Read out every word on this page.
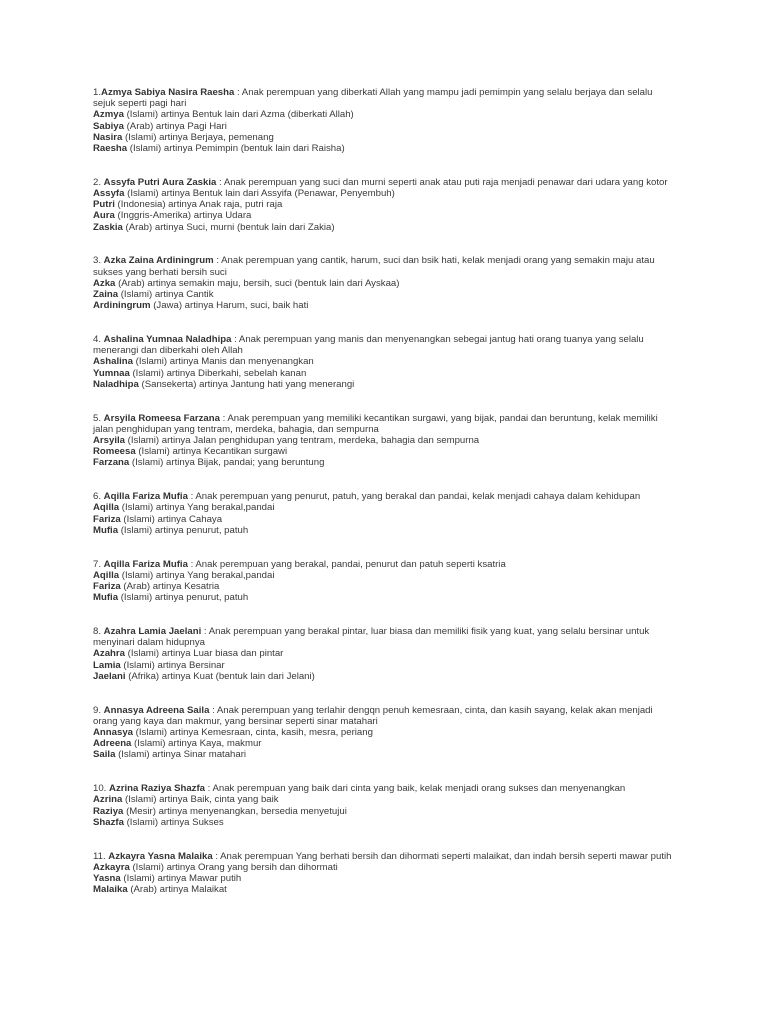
1.Azmya Sabiya Nasira Raesha : Anak perempuan yang diberkati Allah yang mampu jadi pemimpin yang selalu berjaya dan selalu sejuk seperti pagi hari
Azmya (Islami) artinya Bentuk lain dari Azma (diberkati Allah)
Sabiya (Arab) artinya Pagi Hari
Nasira (Islami) artinya Berjaya, pemenang
Raesha (Islami) artinya Pemimpin (bentuk lain dari Raisha)
2. Assyfa Putri Aura Zaskia : Anak perempuan yang suci dan murni seperti anak atau puti raja menjadi penawar dari udara yang kotor
Assyfa (Islami) artinya Bentuk lain dari Assyifa (Penawar, Penyembuh)
Putri (Indonesia) artinya Anak raja, putri raja
Aura (Inggris-Amerika) artinya Udara
Zaskia (Arab) artinya Suci, murni (bentuk lain dari Zakia)
3. Azka Zaina Ardiningrum : Anak perempuan yang cantik, harum, suci dan bsik hati, kelak menjadi orang yang semakin maju atau sukses yang berhati bersih suci
Azka (Arab) artinya semakin maju, bersih, suci (bentuk lain dari Ayskaa)
Zaina (Islami) artinya Cantik
Ardiningrum (Jawa) artinya Harum, suci, baik hati
4. Ashalina Yumnaa Naladhipa : Anak perempuan yang manis dan menyenangkan sebegai jantug hati orang tuanya yang selalu menerangi dan diberkahi oleh Allah
Ashalina (Islami) artinya Manis dan menyenangkan
Yumnaa (Islami) artinya Diberkahi, sebelah kanan
Naladhipa (Sansekerta) artinya Jantung hati yang menerangi
5. Arsyila Romeesa Farzana : Anak perempuan yang memiliki kecantikan surgawi, yang bijak, pandai dan beruntung, kelak memiliki jalan penghidupan yang tentram, merdeka, bahagia, dan sempurna
Arsyila (Islami) artinya Jalan penghidupan yang tentram, merdeka, bahagia dan sempurna
Romeesa (Islami) artinya Kecantikan surgawi
Farzana (Islami) artinya Bijak, pandai; yang beruntung
6. Aqilla Fariza Mufia : Anak perempuan yang penurut, patuh, yang berakal dan pandai, kelak menjadi cahaya dalam kehidupan
Aqilla (Islami) artinya Yang berakal,pandai
Fariza (Islami) artinya Cahaya
Mufia (Islami) artinya penurut, patuh
7. Aqilla Fariza Mufia : Anak perempuan yang berakal, pandai, penurut dan patuh seperti ksatria
Aqilla (Islami) artinya Yang berakal,pandai
Fariza (Arab) artinya Kesatria
Mufia (Islami) artinya penurut, patuh
8. Azahra Lamia Jaelani : Anak perempuan yang berakal pintar, luar biasa dan memiliki fisik yang kuat, yang selalu bersinar untuk menyinari dalam hidupnya
Azahra (Islami) artinya Luar biasa dan pintar
Lamia (Islami) artinya Bersinar
Jaelani (Afrika) artinya Kuat (bentuk lain dari Jelani)
9. Annasya Adreena Saila : Anak perempuan yang terlahir dengqn penuh kemesraan, cinta, dan kasih sayang, kelak akan menjadi orang yang kaya dan makmur, yang bersinar seperti sinar matahari
Annasya (Islami) artinya Kemesraan, cinta, kasih, mesra, periang
Adreena (Islami) artinya Kaya, makmur
Saila (Islami) artinya Sinar matahari
10. Azrina Raziya Shazfa : Anak perempuan yang baik dari cinta yang baik, kelak menjadi orang sukses dan menyenangkan
Azrina (Islami) artinya Baik, cinta yang baik
Raziya (Mesir) artinya menyenangkan, bersedia menyetujui
Shazfa (Islami) artinya Sukses
11. Azkayra Yasna Malaika : Anak perempuan Yang berhati bersih dan dihormati seperti malaikat, dan indah bersih seperti mawar putih
Azkayra (Islami) artinya Orang yang bersih dan dihormati
Yasna (Islami) artinya Mawar putih
Malaika (Arab) artinya Malaikat
